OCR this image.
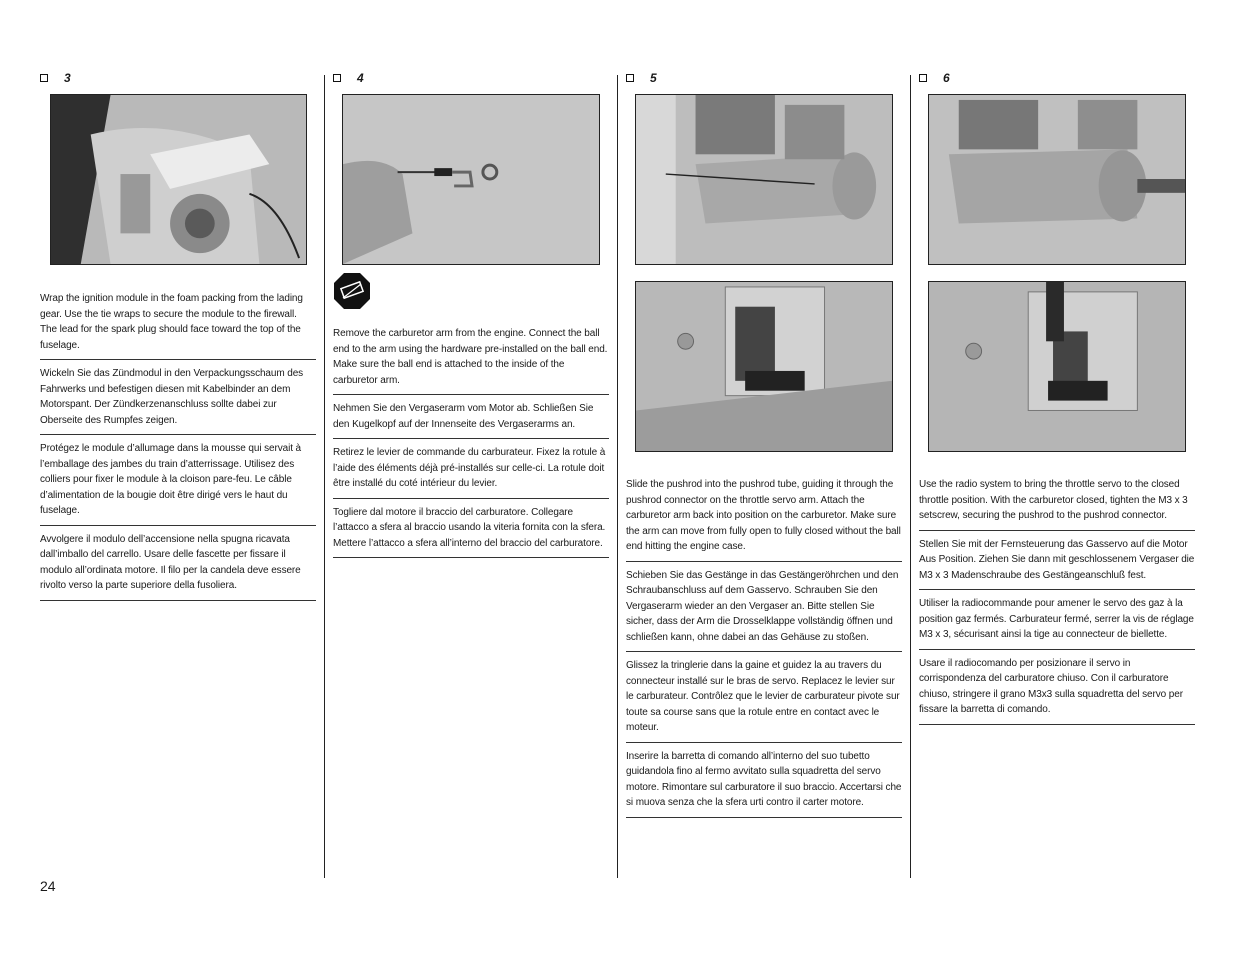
3
Wrap the ignition module in the foam packing from the lading gear. Use the tie wraps to secure the module to the firewall. The lead for the spark plug should face toward the top of the fuselage.
Wickeln Sie das Zündmodul in den Verpackungsschaum des Fahrwerks und befestigen diesen mit Kabelbinder an dem Motorspant. Der Zündkerzenanschluss sollte dabei zur Oberseite des Rumpfes zeigen.
Protégez le module d’allumage dans la mousse qui servait à l’emballage des jambes du train d’atterrissage. Utilisez des colliers pour fixer le module à la cloison pare-feu. Le câble d’alimentation de la bougie doit être dirigé vers le haut du fuselage.
Avvolgere il modulo dell’accensione nella spugna ricavata dall’imballo del carrello. Usare delle fascette per fissare il modulo all’ordinata motore. Il filo per la candela deve essere rivolto verso la parte superiore della fusoliera.
4
Remove the carburetor arm from the engine. Connect the ball end to the arm using the hardware pre-installed on the ball end. Make sure the ball end is attached to the inside of the carburetor arm.
Nehmen Sie den Vergaserarm vom Motor ab. Schließen Sie den Kugelkopf auf der Innenseite des Vergaserarms an.
Retirez le levier de commande du carburateur. Fixez la rotule à l’aide des éléments déjà pré-installés sur celle-ci. La rotule doit être installé du coté intérieur du levier.
Togliere dal motore il braccio del carburatore. Collegare l’attacco a sfera al braccio usando la viteria fornita con la sfera. Mettere l’attacco a sfera all’interno del braccio del carburatore.
5
Slide the pushrod into the pushrod tube, guiding it through the pushrod connector on the throttle servo arm. Attach the carburetor arm back into position on the carburetor. Make sure the arm can move from fully open to fully closed without the ball end hitting the engine case.
Schieben Sie das Gestänge in das Gestängeröhrchen und den Schraubanschluss auf dem Gasservo. Schrauben Sie den Vergaserarm wieder an den Vergaser an. Bitte stellen Sie sicher, dass der Arm die Drosselklappe vollständig öffnen und schließen kann, ohne dabei an das Gehäuse zu stoßen.
Glissez la tringlerie dans la gaine et guidez la au travers du connecteur installé sur le bras de servo. Replacez le levier sur le carburateur. Contrôlez que le levier de carburateur pivote sur toute sa course sans que la rotule entre en contact avec le moteur.
Inserire la barretta di comando all’interno del suo tubetto guidandola fino al fermo avvitato sulla squadretta del servo motore. Rimontare sul carburatore il suo braccio. Accertarsi che si muova senza che la sfera urti contro il carter motore.
6
Use the radio system to bring the throttle servo to the closed throttle position. With the carburetor closed, tighten the M3 x 3 setscrew, securing the pushrod to the pushrod connector.
Stellen Sie mit der Fernsteuerung das Gasservo auf die Motor Aus Position. Ziehen Sie dann mit geschlossenem Vergaser die M3 x 3 Madenschraube des Gestängeanschluß fest.
Utiliser la radiocommande pour amener le servo des gaz à la position gaz fermés. Carburateur fermé, serrer la vis de réglage M3 x 3, sécurisant ainsi la tige au connecteur de biellette.
Usare il radiocomando per posizionare il servo in corrispondenza del carburatore chiuso. Con il carburatore chiuso, stringere il grano M3x3 sulla squadretta del servo per fissare la barretta di comando.
24
